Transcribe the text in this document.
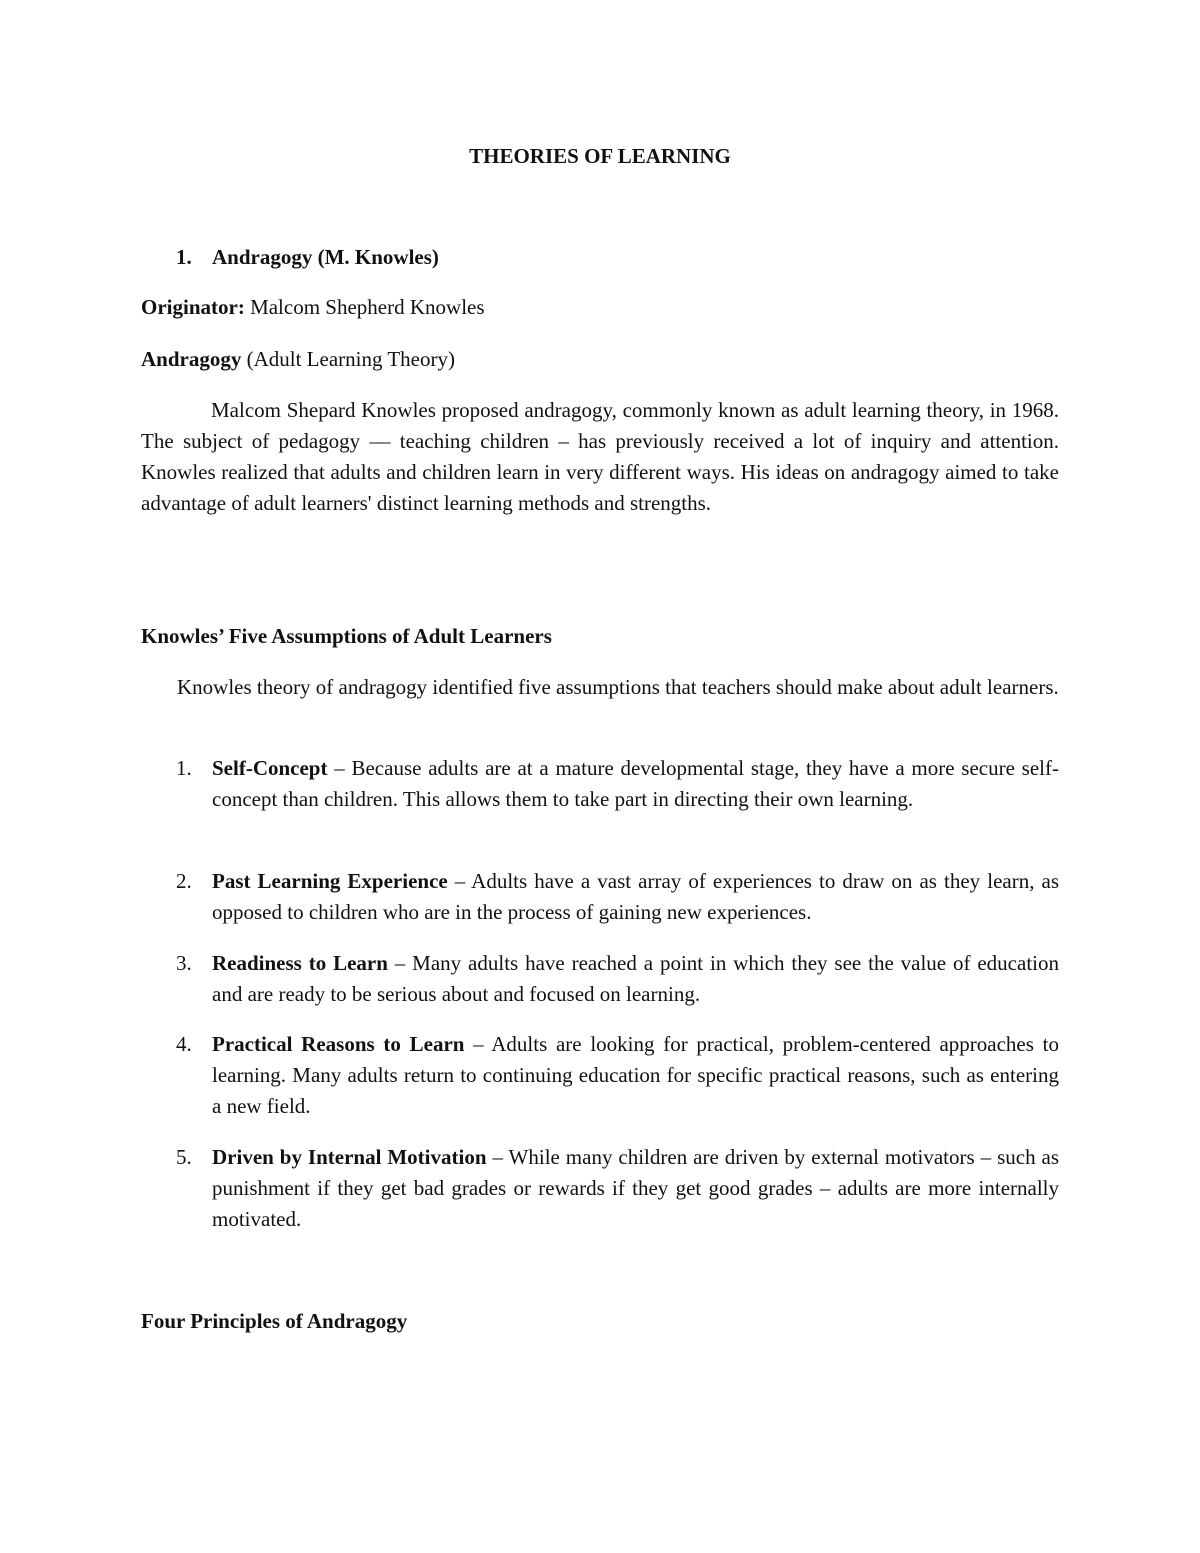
THEORIES OF LEARNING
1. Andragogy (M. Knowles)

Originator: Malcom Shepherd Knowles

Andragogy (Adult Learning Theory)

Malcom Shepard Knowles proposed andragogy, commonly known as adult learning theory, in 1968. The subject of pedagogy — teaching children – has previously received a lot of inquiry and attention. Knowles realized that adults and children learn in very different ways. His ideas on andragogy aimed to take advantage of adult learners' distinct learning methods and strengths.

Knowles’ Five Assumptions of Adult Learners

Knowles theory of andragogy identified five assumptions that teachers should make about adult learners.

1. Self-Concept – Because adults are at a mature developmental stage, they have a more secure self-concept than children. This allows them to take part in directing their own learning.
2. Past Learning Experience – Adults have a vast array of experiences to draw on as they learn, as opposed to children who are in the process of gaining new experiences.
3. Readiness to Learn – Many adults have reached a point in which they see the value of education and are ready to be serious about and focused on learning.
4. Practical Reasons to Learn – Adults are looking for practical, problem-centered approaches to learning. Many adults return to continuing education for specific practical reasons, such as entering a new field.
5. Driven by Internal Motivation – While many children are driven by external motivators – such as punishment if they get bad grades or rewards if they get good grades – adults are more internally motivated.

Four Principles of Andragogy
